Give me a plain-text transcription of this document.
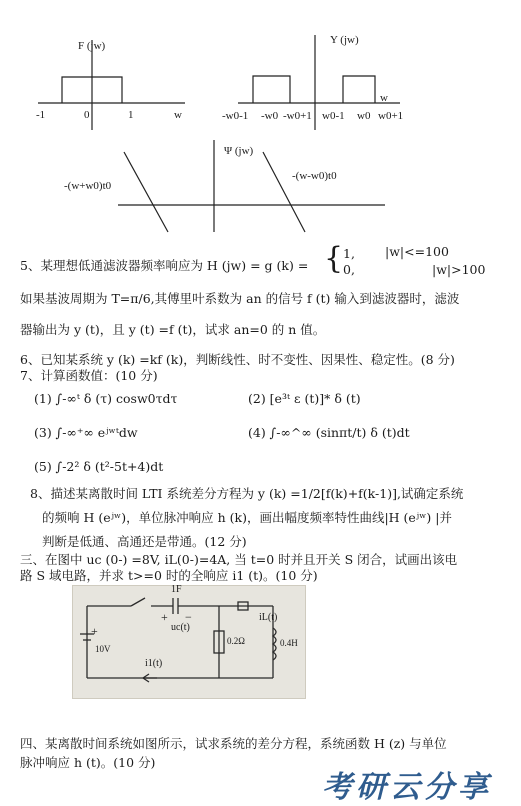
F (jw)
-1	0	1	w
Y (jw)
-w0-1 -w0 -w0+1 w0-1 w0 w0+1
w
Ψ (jw)
-(w+w0)t0
-(w-w0)t0
5、某理想低通滤波器频率响应为 H (jw) = g (k) = { 1, |w|<=100
0,	|w|>100
如果基波周期为 T=π/6,其傅里叶系数为 an 的信号 f (t) 输入到滤波器时，滤波
器输出为 y (t)，且 y (t) =f (t)，试求 an=0 的 n 值。
6、已知某系统 y (k) =kf (k)，判断线性、时不变性、因果性、稳定性。(8 分)
7、计算函数值：(10 分)
(1) ∫-∞ᵗ δ (τ) cosw0τdτ	(2) [e³ᵗ ε (t)]* δ (t)
(3) ∫-∞⁺∞ eʲʷᵗdw	(4) ∫-∞^∞ (sinπt/t) δ (t)dt
(5) ∫-2² δ (t²-5t+4)dt
8、描述某离散时间 LTI 系统差分方程为 y (k) =1/2[f(k)+f(k-1)],试确定系统
的频响 H (eʲʷ)，单位脉冲响应 h (k)，画出幅度频率特性曲线|H (eʲʷ) |并
判断是低通、高通还是带通。(12 分)
三、在图中 uc (0-) =8V, iL(0-)=4A, 当 t=0 时并且开关 S 闭合，试画出该电
路 S 域电路，并求 t>=0 时的全响应 i1 (t)。(10 分)
1F
+ −
uc(t)
iL(t)
0.2Ω	0.4H
+
10V
i1(t)
四、某离散时间系统如图所示，试求系统的差分方程，系统函数 H (z) 与单位
脉冲响应 h (t)。(10 分)
考研云分享
